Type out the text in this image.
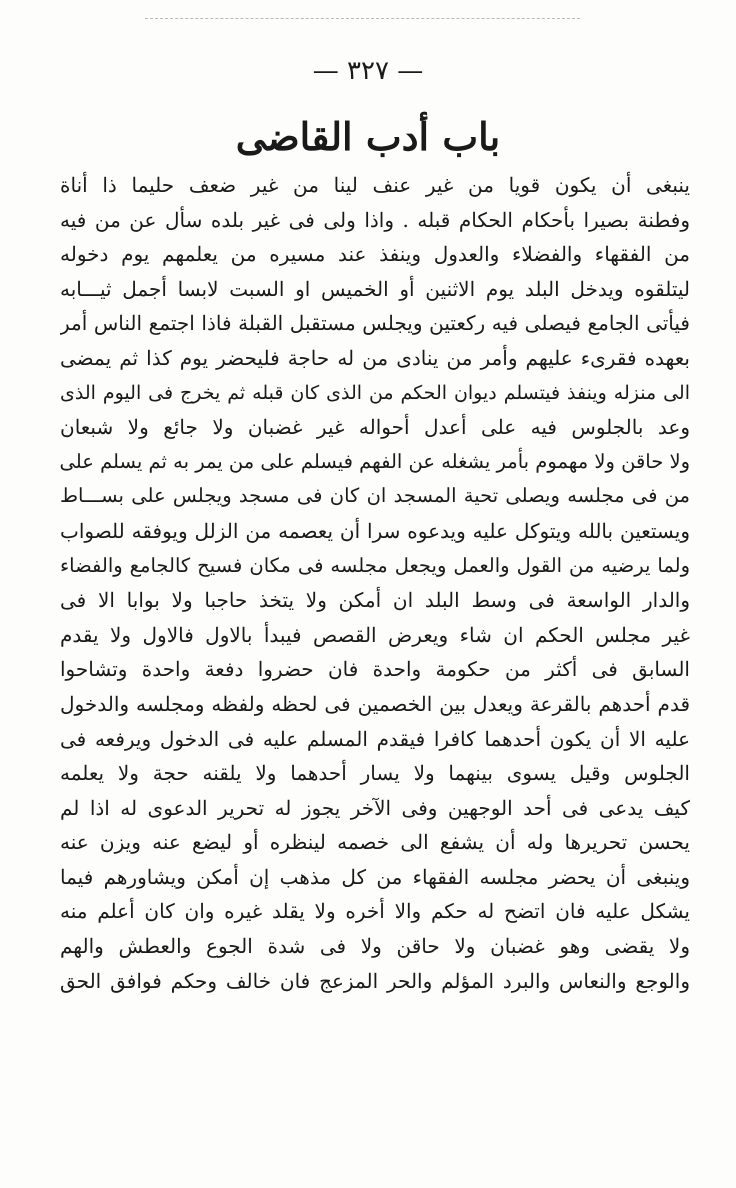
— ٣٢٧ —
باب أدب القاضى
ينبغى أن يكون قويا من غير عنف لينا من غير ضعف حليما ذا أناة
وفطنة بصيرا بأحكام الحكام قبله . واذا ولى فى غير بلده سأل عن من فيه
من الفقهاء والفضلاء والعدول وينفذ عند مسيره من يعلمهم يوم دخوله
ليتلقوه ويدخل البلد يوم الاثنين أو الخميس او السبت لابسا أجمل ثيـــابه
فيأتى الجامع فيصلى فيه ركعتين ويجلس مستقبل القبلة فاذا اجتمع الناس أمر
بعهده فقرىء عليهم وأمر من ينادى من له حاجة فليحضر يوم كذا ثم يمضى
الى منزله وينفذ فيتسلم ديوان الحكم من الذى كان قبله ثم يخرج فى اليوم الذى
وعد بالجلوس فيه على أعدل أحواله غير غضبان ولا جائع ولا شبعان
ولا حاقن ولا مهموم بأمر يشغله عن الفهم فيسلم على من يمر به ثم يسلم على
من فى مجلسه ويصلى تحية المسجد ان كان فى مسجد ويجلس على بســـاط
ويستعين بالله ويتوكل عليه ويدعوه سرا أن يعصمه من الزلل ويوفقه للصواب
ولما يرضيه من القول والعمل ويجعل مجلسه فى مكان فسيح كالجامع والفضاء
والدار الواسعة فى وسط البلد ان أمكن ولا يتخذ حاجبا ولا بوابا الا فى
غير مجلس الحكم ان شاء ويعرض القصص فيبدأ بالاول فالاول ولا يقدم
السابق فى أكثر من حكومة واحدة فان حضروا دفعة واحدة وتشاحوا
قدم أحدهم بالقرعة ويعدل بين الخصمين فى لحظه ولفظه ومجلسه والدخول
عليه الا أن يكون أحدهما كافرا فيقدم المسلم عليه فى الدخول ويرفعه فى
الجلوس وقيل يسوى بينهما ولا يسار أحدهما ولا يلقنه حجة ولا يعلمه
كيف يدعى فى أحد الوجهين وفى الآخر يجوز له تحرير الدعوى له اذا لم
يحسن تحريرها وله أن يشفع الى خصمه لينظره أو ليضع عنه ويزن عنه
وينبغى أن يحضر مجلسه الفقهاء من كل مذهب إن أمكن ويشاورهم فيما
يشكل عليه فان اتضح له حكم والا أخره ولا يقلد غيره وان كان أعلم منه
ولا يقضى وهو غضبان ولا حاقن ولا فى شدة الجوع والعطش والهم
والوجع والنعاس والبرد المؤلم والحر المزعج فان خالف وحكم فوافق الحق
